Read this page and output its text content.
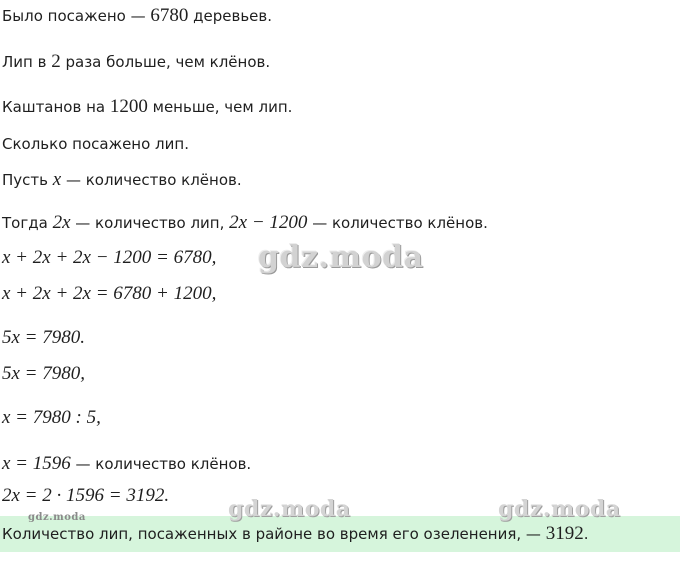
Было посажено — 6780 деревьев.
Лип в 2 раза больше, чем клёнов.
Каштанов на 1200 меньше, чем лип.
Сколько посажено лип.
Пусть x — количество клёнов.
Тогда 2x — количество лип, 2x − 1200 — количество клёнов.
x + 2x + 2x − 1200 = 6780,
x + 2x + 2x = 6780 + 1200,
5x = 7980.
5x = 7980,
x = 7980 : 5,
x = 1596 — количество клёнов.
2x = 2 · 1596 = 3192.
Количество лип, посаженных в районе во время его озеленения, — 3192.
gdz.moda
gdz.moda	gdz.moda
gdz.moda
